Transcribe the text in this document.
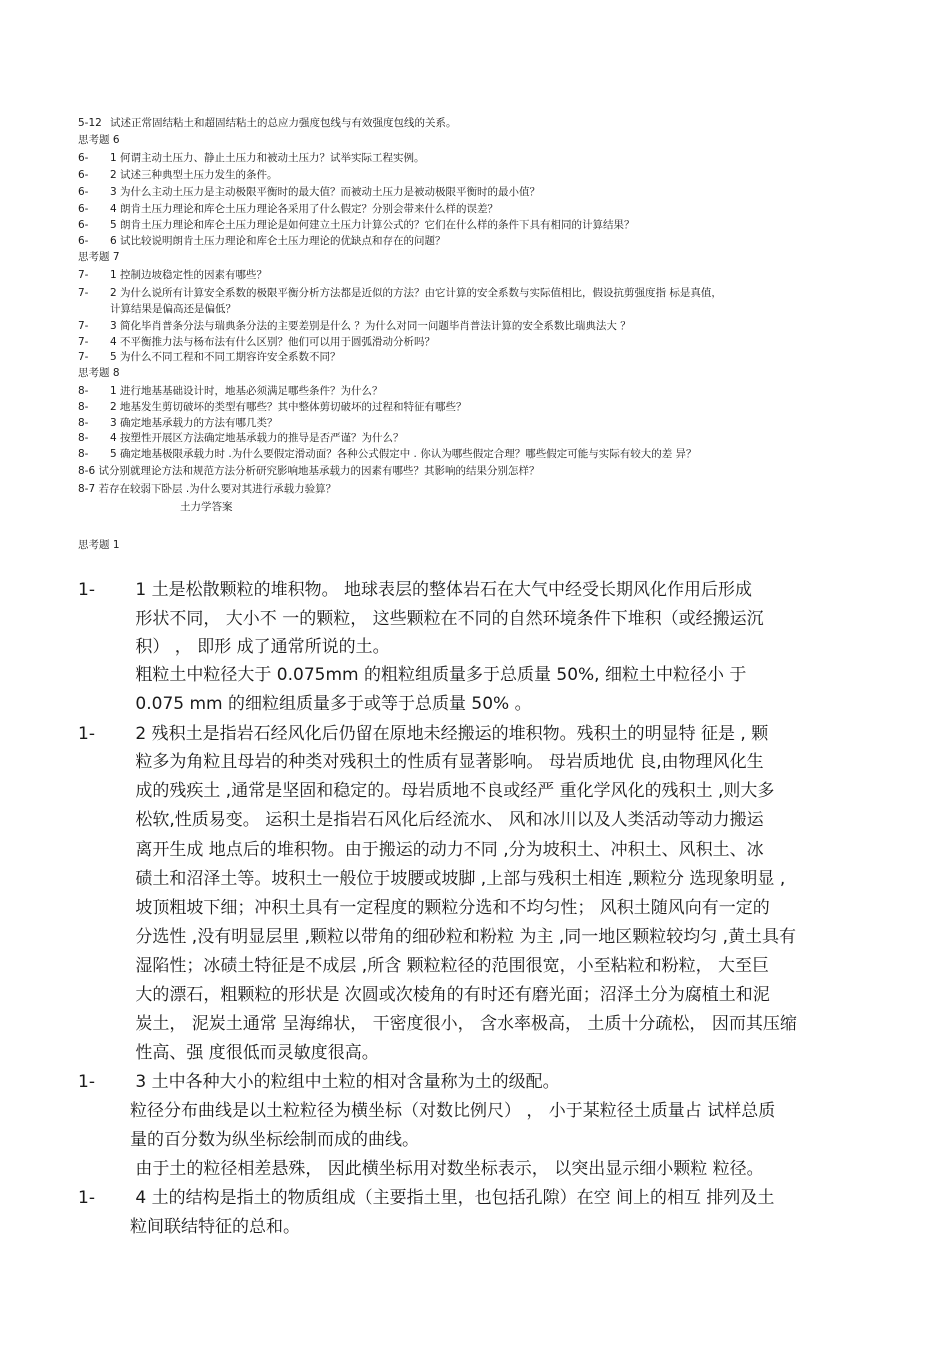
5-12 试述正常固结粘土和超固结粘土的总应力强度包线与有效强度包线的关系。
思考题 6
6- 1 何谓主动土压力、静止土压力和被动土压力？试举实际工程实例。
6- 2 试述三种典型土压力发生的条件。
6- 3 为什么主动土压力是主动极限平衡时的最大值？而被动土压力是被动极限平衡时的最小值？
6- 4 朗肯土压力理论和库仑土压力理论各采用了什么假定？分别会带来什么样的误差？
6- 5 朗肯土压力理论和库仑土压力理论是如何建立土压力计算公式的？它们在什么样的条件下具有相同的计算结果？
6- 6 试比较说明朗肯土压力理论和库仑土压力理论的优缺点和存在的问题？
思考题 7
7- 1 控制边坡稳定性的因素有哪些？
7- 2 为什么说所有计算安全系数的极限平衡分析方法都是近似的方法？由它计算的安全系数与实际值相比，假设抗剪强度指 标是真值，
计算结果是偏高还是偏低？
7- 3 简化毕肖普条分法与瑞典条分法的主要差别是什么 ？为什么对同一问题毕肖普法计算的安全系数比瑞典法大 ？
7- 4 不平衡推力法与杨布法有什么区别？他们可以用于圆弧滑动分析吗？
7- 5 为什么不同工程和不同工期容许安全系数不同？
思考题 8
8- 1 进行地基基础设计时，地基必须满足哪些条件？为什么？
8- 2 地基发生剪切破坏的类型有哪些？其中整体剪切破坏的过程和特征有哪些？
8- 3 确定地基承载力的方法有哪几类？
8- 4 按塑性开展区方法确定地基承载力的推导是否严谨？为什么？
8- 5 确定地基极限承载力时 .为什么要假定滑动面？各种公式假定中 . 你认为哪些假定合理？哪些假定可能与实际有较大的差 异？
8-6 试分别就理论方法和规范方法分析研究影响地基承载力的因素有哪些？其影响的结果分别怎样？
8-7 若存在较弱下卧层 .为什么要对其进行承载力验算？
土力学答案
思考题 1
1- 1 土是松散颗粒的堆积物。 地球表层的整体岩石在大气中经受长期风化作用后形成
形状不同， 大小不 一的颗粒， 这些颗粒在不同的自然环境条件下堆积（或经搬运沉
积） ， 即形 成了通常所说的土。
粗粒土中粒径大于 0.075mm 的粗粒组质量多于总质量 50%, 细粒土中粒径小 于
0.075 mm 的细粒组质量多于或等于总质量 50% 。
1- 2 残积土是指岩石经风化后仍留在原地未经搬运的堆积物。残积土的明显特 征是 , 颗
粒多为角粒且母岩的种类对残积土的性质有显著影响。 母岩质地优 良,由物理风化生
成的残疾土 ,通常是坚固和稳定的。母岩质地不良或经严 重化学风化的残积土 ,则大多
松软,性质易变。 运积土是指岩石风化后经流水、 风和冰川以及人类活动等动力搬运
离开生成 地点后的堆积物。由于搬运的动力不同 ,分为坡积土、冲积土、风积土、冰
碛土和沼泽土等。坡积土一般位于坡腰或坡脚 ,上部与残积土相连 ,颗粒分 选现象明显 ,
坡顶粗坡下细；冲积土具有一定程度的颗粒分选和不均匀性； 风积土随风向有一定的
分选性 ,没有明显层里 ,颗粒以带角的细砂粒和粉粒 为主 ,同一地区颗粒较均匀 ,黄土具有
湿陷性；冰碛土特征是不成层 ,所含 颗粒粒径的范围很宽，小至粘粒和粉粒， 大至巨
大的漂石，粗颗粒的形状是 次圆或次棱角的有时还有磨光面；沼泽土分为腐植土和泥
炭土， 泥炭土通常 呈海绵状， 干密度很小， 含水率极高， 土质十分疏松， 因而其压缩
性高、强 度很低而灵敏度很高。
1- 3 土中各种大小的粒组中土粒的相对含量称为土的级配。
粒径分布曲线是以土粒粒径为横坐标（对数比例尺） ， 小于某粒径土质量占 试样总质
量的百分数为纵坐标绘制而成的曲线。
由于土的粒径相差悬殊， 因此横坐标用对数坐标表示， 以突出显示细小颗粒 粒径。
1- 4 土的结构是指土的物质组成（主要指土里，也包括孔隙）在空 间上的相互 排列及土
粒间联结特征的总和。
